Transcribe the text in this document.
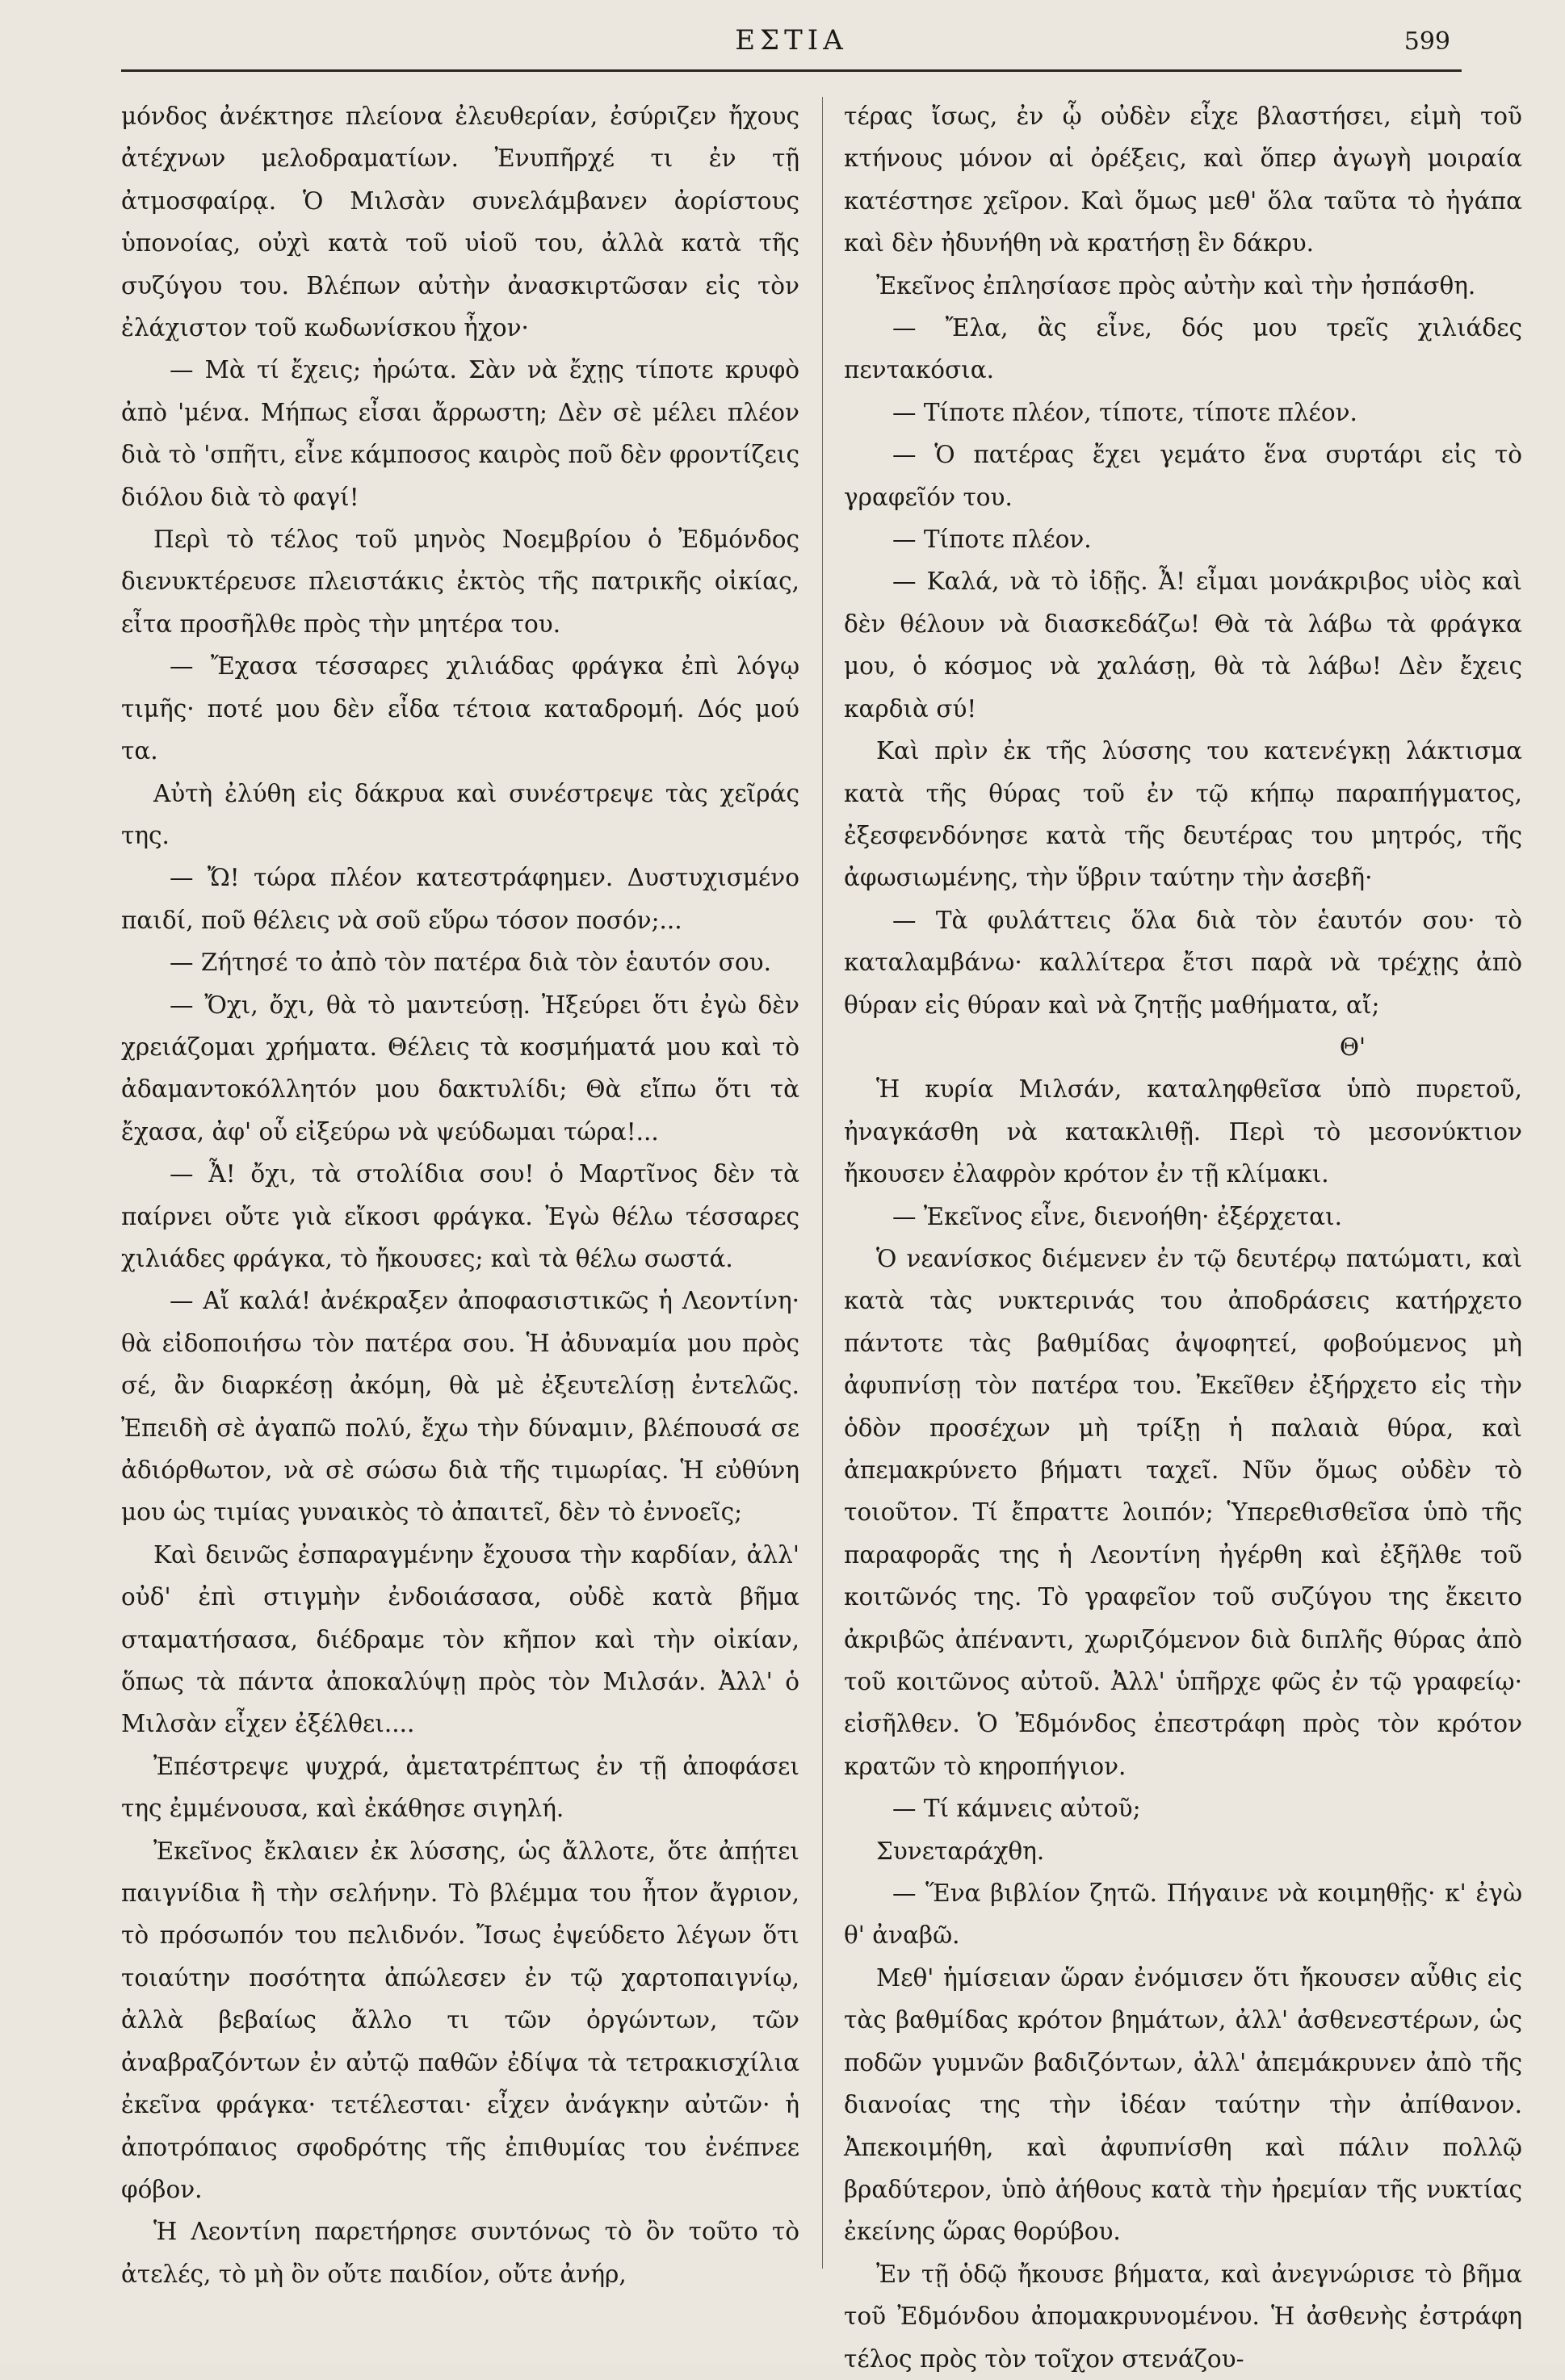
ΕΣΤΙΑ	599

μόνδος ἀνέκτησε πλείονα ἐλευθερίαν, ἐσύριζεν ἤχους ἀτέχνων μελοδραματίων. Ἐνυπῆρχέ τι ἐν τῇ ἀτμοσφαίρᾳ. Ὁ Μιλσὰν συνελάμβανεν ἀορίστους ὑπονοίας, οὐχὶ κατὰ τοῦ υἱοῦ του, ἀλλὰ κατὰ τῆς συζύγου του. Βλέπων αὐτὴν ἀνασκιρτῶσαν εἰς τὸν ἐλάχιστον τοῦ κωδωνίσκου ἦχον·

— Μὰ τί ἔχεις; ἠρώτα. Σὰν νὰ ἔχῃς τίποτε κρυφὸ ἀπὸ 'μένα. Μήπως εἶσαι ἄρρωστη; Δὲν σὲ μέλει πλέον διὰ τὸ 'σπῆτι, εἶνε κάμποσος καιρὸς ποῦ δὲν φροντίζεις διόλου διὰ τὸ φαγί!

Περὶ τὸ τέλος τοῦ μηνὸς Νοεμβρίου ὁ Ἐδμόνδος διενυκτέρευσε πλειστάκις ἐκτὸς τῆς πατρικῆς οἰκίας, εἶτα προσῆλθε πρὸς τὴν μητέρα του.

— Ἔχασα τέσσαρες χιλιάδας φράγκα ἐπὶ λόγῳ τιμῆς· ποτέ μου δὲν εἶδα τέτοια καταδρομή. Δός μού τα.

Αὐτὴ ἐλύθη εἰς δάκρυα καὶ συνέστρεψε τὰς χεῖράς της.

— Ὤ! τώρα πλέον κατεστράφημεν. Δυστυχισμένο παιδί, ποῦ θέλεις νὰ σοῦ εὕρω τόσον ποσόν;...

— Ζήτησέ το ἀπὸ τὸν πατέρα διὰ τὸν ἑαυτόν σου.

— Ὄχι, ὄχι, θὰ τὸ μαντεύσῃ. Ἠξεύρει ὅτι ἐγὼ δὲν χρειάζομαι χρήματα. Θέλεις τὰ κοσμήματά μου καὶ τὸ ἀδαμαντοκόλλητόν μου δακτυλίδι; Θὰ εἴπω ὅτι τὰ ἔχασα, ἀφ' οὗ εἰξεύρω νὰ ψεύδωμαι τώρα!...

— Ἆ! ὄχι, τὰ στολίδια σου! ὁ Μαρτῖνος δὲν τὰ παίρνει οὔτε γιὰ εἴκοσι φράγκα. Ἐγὼ θέλω τέσσαρες χιλιάδες φράγκα, τὸ ἤκουσες; καὶ τὰ θέλω σωστά.

— Αἴ καλά! ἀνέκραξεν ἀποφασιστικῶς ἡ Λεοντίνη· θὰ εἰδοποιήσω τὸν πατέρα σου. Ἡ ἀδυναμία μου πρὸς σέ, ἂν διαρκέσῃ ἀκόμη, θὰ μὲ ἐξευτελίσῃ ἐντελῶς. Ἐπειδὴ σὲ ἀγαπῶ πολύ, ἔχω τὴν δύναμιν, βλέπουσά σε ἀδιόρθωτον, νὰ σὲ σώσω διὰ τῆς τιμωρίας. Ἡ εὐθύνη μου ὡς τιμίας γυναικὸς τὸ ἀπαιτεῖ, δὲν τὸ ἐννοεῖς;

Καὶ δεινῶς ἐσπαραγμένην ἔχουσα τὴν καρδίαν, ἀλλ' οὐδ' ἐπὶ στιγμὴν ἐνδοιάσασα, οὐδὲ κατὰ βῆμα σταματήσασα, διέδραμε τὸν κῆπον καὶ τὴν οἰκίαν, ὅπως τὰ πάντα ἀποκαλύψῃ πρὸς τὸν Μιλσάν. Ἀλλ' ὁ Μιλσὰν εἶχεν ἐξέλθει....

Ἐπέστρεψε ψυχρά, ἀμετατρέπτως ἐν τῇ ἀποφάσει της ἐμμένουσα, καὶ ἐκάθησε σιγηλή.

Ἐκεῖνος ἔκλαιεν ἐκ λύσσης, ὡς ἄλλοτε, ὅτε ἀπῄτει παιγνίδια ἢ τὴν σελήνην. Τὸ βλέμμα του ἦτον ἄγριον, τὸ πρόσωπόν του πελιδνόν. Ἴσως ἐψεύδετο λέγων ὅτι τοιαύτην ποσότητα ἀπώλεσεν ἐν τῷ χαρτοπαιγνίῳ, ἀλλὰ βεβαίως ἄλλο τι τῶν ὀργώντων, τῶν ἀναβραζόντων ἐν αὐτῷ παθῶν ἐδίψα τὰ τετρακισχίλια ἐκεῖνα φράγκα· τετέλεσται· εἶχεν ἀνάγκην αὐτῶν· ἡ ἀποτρόπαιος σφοδρότης τῆς ἐπιθυμίας του ἐνέπνεε φόβον.

Ἡ Λεοντίνη παρετήρησε συντόνως τὸ ὂν τοῦτο τὸ ἀτελές, τὸ μὴ ὂν οὔτε παιδίον, οὔτε ἀνήρ,

τέρας ἴσως, ἐν ᾧ οὐδὲν εἶχε βλαστήσει, εἰμὴ τοῦ κτήνους μόνον αἱ ὀρέξεις, καὶ ὅπερ ἀγωγὴ μοιραία κατέστησε χεῖρον. Καὶ ὅμως μεθ' ὅλα ταῦτα τὸ ἠγάπα καὶ δὲν ἠδυνήθη νὰ κρατήσῃ ἓν δάκρυ.

Ἐκεῖνος ἐπλησίασε πρὸς αὐτὴν καὶ τὴν ἠσπάσθη.

— Ἔλα, ἂς εἶνε, δός μου τρεῖς χιλιάδες πεντακόσια.

— Τίποτε πλέον, τίποτε, τίποτε πλέον.

— Ὁ πατέρας ἔχει γεμάτο ἕνα συρτάρι εἰς τὸ γραφεῖόν του.

— Τίποτε πλέον.

— Καλά, νὰ τὸ ἰδῇς. Ἆ! εἶμαι μονάκριβος υἱὸς καὶ δὲν θέλουν νὰ διασκεδάζω! Θὰ τὰ λάβω τὰ φράγκα μου, ὁ κόσμος νὰ χαλάσῃ, θὰ τὰ λάβω! Δὲν ἔχεις καρδιὰ σύ!

Καὶ πρὶν ἐκ τῆς λύσσης του κατενέγκῃ λάκτισμα κατὰ τῆς θύρας τοῦ ἐν τῷ κήπῳ παραπήγματος, ἐξεσφενδόνησε κατὰ τῆς δευτέρας του μητρός, τῆς ἀφωσιωμένης, τὴν ὕβριν ταύτην τὴν ἀσεβῆ·

— Τὰ φυλάττεις ὅλα διὰ τὸν ἑαυτόν σου· τὸ καταλαμβάνω· καλλίτερα ἔτσι παρὰ νὰ τρέχῃς ἀπὸ θύραν εἰς θύραν καὶ νὰ ζητῇς μαθήματα, αἴ;

Θ'

Ἡ κυρία Μιλσάν, καταληφθεῖσα ὑπὸ πυρετοῦ, ἠναγκάσθη νὰ κατακλιθῇ. Περὶ τὸ μεσονύκτιον ἤκουσεν ἐλαφρὸν κρότον ἐν τῇ κλίμακι.

— Ἐκεῖνος εἶνε, διενοήθη· ἐξέρχεται.

Ὁ νεανίσκος διέμενεν ἐν τῷ δευτέρῳ πατώματι, καὶ κατὰ τὰς νυκτερινάς του ἀποδράσεις κατήρχετο πάντοτε τὰς βαθμίδας ἀψοφητεί, φοβούμενος μὴ ἀφυπνίσῃ τὸν πατέρα του. Ἐκεῖθεν ἐξήρχετο εἰς τὴν ὁδὸν προσέχων μὴ τρίξῃ ἡ παλαιὰ θύρα, καὶ ἀπεμακρύνετο βήματι ταχεῖ. Νῦν ὅμως οὐδὲν τὸ τοιοῦτον. Τί ἔπραττε λοιπόν; Ὑπερεθισθεῖσα ὑπὸ τῆς παραφορᾶς της ἡ Λεοντίνη ἠγέρθη καὶ ἐξῆλθε τοῦ κοιτῶνός της. Τὸ γραφεῖον τοῦ συζύγου της ἔκειτο ἀκριβῶς ἀπέναντι, χωριζόμενον διὰ διπλῆς θύρας ἀπὸ τοῦ κοιτῶνος αὐτοῦ. Ἀλλ' ὑπῆρχε φῶς ἐν τῷ γραφείῳ· εἰσῆλθεν. Ὁ Ἐδμόνδος ἐπεστράφη πρὸς τὸν κρότον κρατῶν τὸ κηροπήγιον.

— Τί κάμνεις αὐτοῦ;

Συνεταράχθη.

— Ἕνα βιβλίον ζητῶ. Πήγαινε νὰ κοιμηθῇς· κ' ἐγὼ θ' ἀναβῶ.

Μεθ' ἡμίσειαν ὥραν ἐνόμισεν ὅτι ἤκουσεν αὖθις εἰς τὰς βαθμίδας κρότον βημάτων, ἀλλ' ἀσθενεστέρων, ὡς ποδῶν γυμνῶν βαδιζόντων, ἀλλ' ἀπεμάκρυνεν ἀπὸ τῆς διανοίας της τὴν ἰδέαν ταύτην τὴν ἀπίθανον. Ἀπεκοιμήθη, καὶ ἀφυπνίσθη καὶ πάλιν πολλῷ βραδύτερον, ὑπὸ ἀήθους κατὰ τὴν ἠρεμίαν τῆς νυκτίας ἐκείνης ὥρας θορύβου.

Ἐν τῇ ὁδῷ ἤκουσε βήματα, καὶ ἀνεγνώρισε τὸ βῆμα τοῦ Ἐδμόνδου ἀπομακρυνομένου. Ἡ ἀσθενὴς ἐστράφη τέλος πρὸς τὸν τοῖχον στενάζου-
